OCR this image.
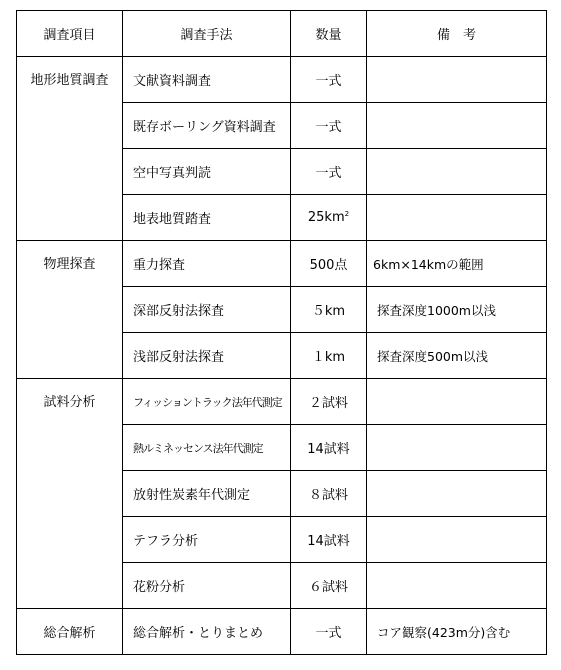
調査項目	調査手法	数量	備　考
地形地質調査	文献資料調査	一式	
	既存ボーリング資料調査	一式	
	空中写真判読	一式	
	地表地質踏査	$25km^2$	
物理探査	重力探査	500点	6km×14kmの範囲
	深部反射法探査	５km	探査深度1000m以浅
	浅部反射法探査	１km	探査深度500m以浅
試料分析	フィッショントラック法年代測定	２試料	
	熱ルミネッセンス法年代測定	14試料	
	放射性炭素年代測定	８試料	
	テフラ分析	14試料	
	花粉分析	６試料	
総合解析	総合解析・とりまとめ	一式	コア観察(423m分)含む
